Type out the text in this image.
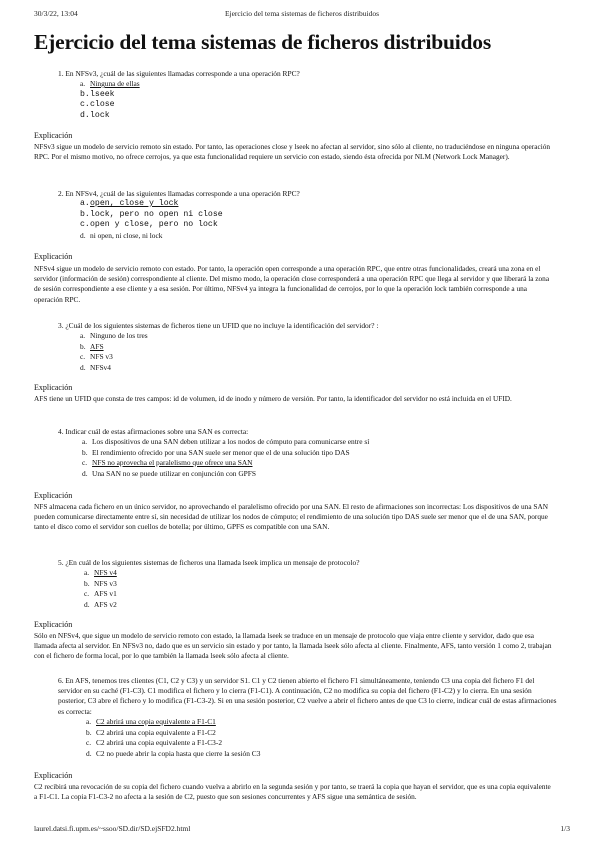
30/3/22, 13:04	Ejercicio del tema sistemas de ficheros distribuidos
Ejercicio del tema sistemas de ficheros distribuidos

1. En NFSv3, ¿cuál de las siguientes llamadas corresponde a una operación RPC?

a. Ninguna de ellas
b.lseek
c.close
d.lock

Explicación

NFSv3 sigue un modelo de servicio remoto sin estado. Por tanto, las operaciones close y lseek no afectan al servidor, sino sólo al cliente, no traduciéndose en ninguna operación RPC. Por el mismo motivo, no ofrece cerrojos, ya que esta funcionalidad requiere un servicio con estado, siendo ésta ofrecida por NLM (Network Lock Manager).

2. En NFSv4, ¿cuál de las siguientes llamadas corresponde a una operación RPC?

a.open, close y lock
b.lock, pero no open ni close
c.open y close, pero no lock
d. ni open, ni close, ni lock

Explicación

NFSv4 sigue un modelo de servicio remoto con estado. Por tanto, la operación open corresponde a una operación RPC, que entre otras funcionalidades, creará una zona en el servidor (información de sesión) correspondiente al cliente. Del mismo modo, la operación close corresponderá a una operación RPC que llega al servidor y que liberará la zona de sesión correspondiente a ese cliente y a esa sesión. Por último, NFSv4 ya integra la funcionalidad de cerrojos, por lo que la operación lock también corresponde a una operación RPC.

3. ¿Cuál de los siguientes sistemas de ficheros tiene un UFID que no incluye la identificación del servidor? :

a. Ninguno de los tres
b. AFS
c. NFS v3
d. NFSv4

Explicación

AFS tiene un UFID que consta de tres campos: id de volumen, id de inodo y número de versión. Por tanto, la identificador del servidor no está incluida en el UFID.

4. Indicar cuál de estas afirmaciones sobre una SAN es correcta:

a. Los dispositivos de una SAN deben utilizar a los nodos de cómputo para comunicarse entre sí
b. El rendimiento ofrecido por una SAN suele ser menor que el de una solución tipo DAS
c. NFS no aprovecha el paralelismo que ofrece una SAN
d. Una SAN no se puede utilizar en conjunción con GPFS

Explicación

NFS almacena cada fichero en un único servidor, no aprovechando el paralelismo ofrecido por una SAN. El resto de afirmaciones son incorrectas: Los dispositivos de una SAN pueden comunicarse directamente entre sí, sin necesidad de utilizar los nodos de cómputo; el rendimiento de una solución tipo DAS suele ser menor que el de una SAN, porque tanto el disco como el servidor son cuellos de botella; por último, GPFS es compatible con una SAN.

5. ¿En cuál de los siguientes sistemas de ficheros una llamada lseek implica un mensaje de protocolo?

a. NFS v4
b. NFS v3
c. AFS v1
d. AFS v2

Explicación

Sólo en NFSv4, que sigue un modelo de servicio remoto con estado, la llamada lseek se traduce en un mensaje de protocolo que viaja entre cliente y servidor, dado que esa llamada afecta al servidor. En NFSv3 no, dado que es un servicio sin estado y por tanto, la llamada lseek sólo afecta al cliente. Finalmente, AFS, tanto versión 1 como 2, trabajan con el fichero de forma local, por lo que también la llamada lseek sólo afecta al cliente.

6. En AFS, tenemos tres clientes (C1, C2 y C3) y un servidor S1. C1 y C2 tienen abierto el fichero F1 simultáneamente, teniendo C3 una copia del fichero F1 del servidor en su caché (F1-C3). C1 modifica el fichero y lo cierra (F1-C1). A continuación, C2 no modifica su copia del fichero (F1-C2) y lo cierra. En una sesión posterior, C3 abre el fichero y lo modifica (F1-C3-2). Si en una sesión posterior, C2 vuelve a abrir el fichero antes de que C3 lo cierre, indicar cuál de estas afirmaciones es correcta:

a. C2 abrirá una copia equivalente a F1-C1
b. C2 abrirá una copia equivalente a F1-C2
c. C2 abrirá una copia equivalente a F1-C3-2
d. C2 no puede abrir la copia hasta que cierre la sesión C3

Explicación

C2 recibirá una revocación de su copia del fichero cuando vuelva a abrirlo en la segunda sesión y por tanto, se traerá la copia que hayan el servidor, que es una copia equivalente a F1-C1. La copia F1-C3-2 no afecta a la sesión de C2, puesto que son sesiones concurrentes y AFS sigue una semántica de sesión.

laurel.datsi.fi.upm.es/~ssoo/SD.dir/SD.ejSFD2.html	1/3
